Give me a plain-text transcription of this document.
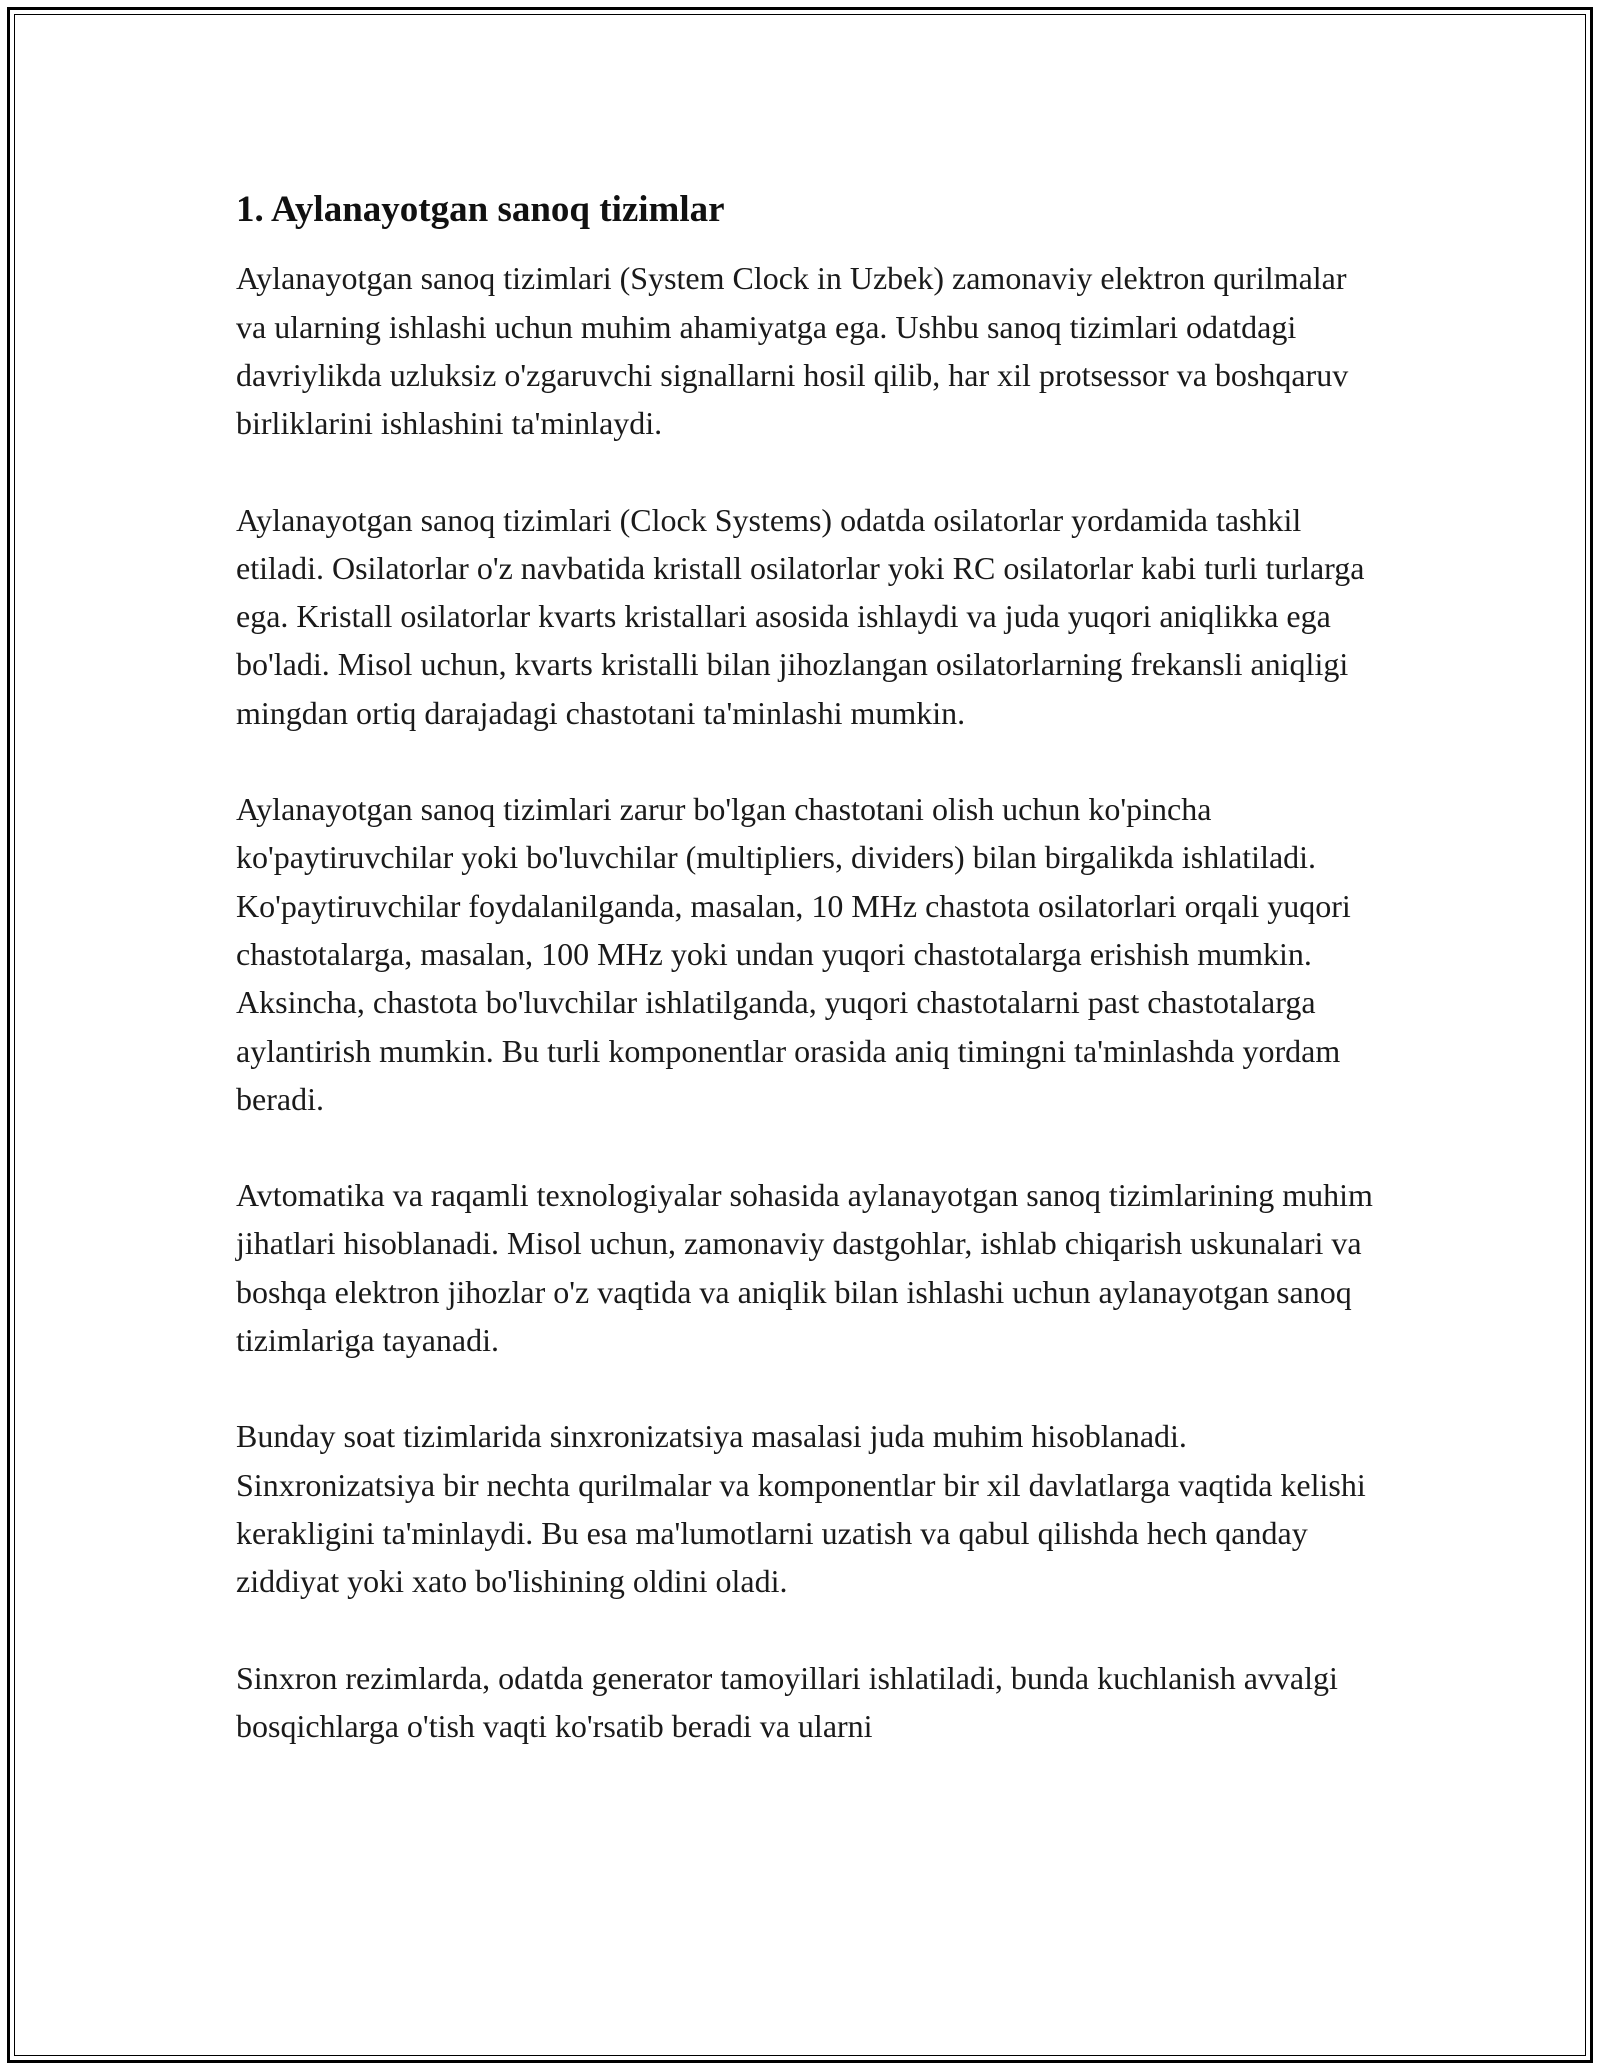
1. Aylanayotgan sanoq tizimlar

Aylanayotgan sanoq tizimlari (System Clock in Uzbek) zamonaviy elektron qurilmalar va ularning ishlashi uchun muhim ahamiyatga ega. Ushbu sanoq tizimlari odatdagi davriylikda uzluksiz o'zgaruvchi signallarni hosil qilib, har xil protsessor va boshqaruv birliklarini ishlashini ta'minlaydi.

Aylanayotgan sanoq tizimlari (Clock Systems) odatda osilatorlar yordamida tashkil etiladi. Osilatorlar o'z navbatida kristall osilatorlar yoki RC osilatorlar kabi turli turlarga ega. Kristall osilatorlar kvarts kristallari asosida ishlaydi va juda yuqori aniqlikka ega bo'ladi. Misol uchun, kvarts kristalli bilan jihozlangan osilatorlarning frekansli aniqligi mingdan ortiq darajadagi chastotani ta'minlashi mumkin.

Aylanayotgan sanoq tizimlari zarur bo'lgan chastotani olish uchun ko'pincha ko'paytiruvchilar yoki bo'luvchilar (multipliers, dividers) bilan birgalikda ishlatiladi. Ko'paytiruvchilar foydalanilganda, masalan, 10 MHz chastota osilatorlari orqali yuqori chastotalarga, masalan, 100 MHz yoki undan yuqori chastotalarga erishish mumkin. Aksincha, chastota bo'luvchilar ishlatilganda, yuqori chastotalarni past chastotalarga aylantirish mumkin. Bu turli komponentlar orasida aniq timingni ta'minlashda yordam beradi.

Avtomatika va raqamli texnologiyalar sohasida aylanayotgan sanoq tizimlarining muhim jihatlari hisoblanadi. Misol uchun, zamonaviy dastgohlar, ishlab chiqarish uskunalari va boshqa elektron jihozlar o'z vaqtida va aniqlik bilan ishlashi uchun aylanayotgan sanoq tizimlariga tayanadi.

Bunday soat tizimlarida sinxronizatsiya masalasi juda muhim hisoblanadi. Sinxronizatsiya bir nechta qurilmalar va komponentlar bir xil davlatlarga vaqtida kelishi kerakligini ta'minlaydi. Bu esa ma'lumotlarni uzatish va qabul qilishda hech qanday ziddiyat yoki xato bo'lishining oldini oladi.

Sinxron rezimlarda, odatda generator tamoyillari ishlatiladi, bunda kuchlanish avvalgi bosqichlarga o'tish vaqti ko'rsatib beradi va ularni
